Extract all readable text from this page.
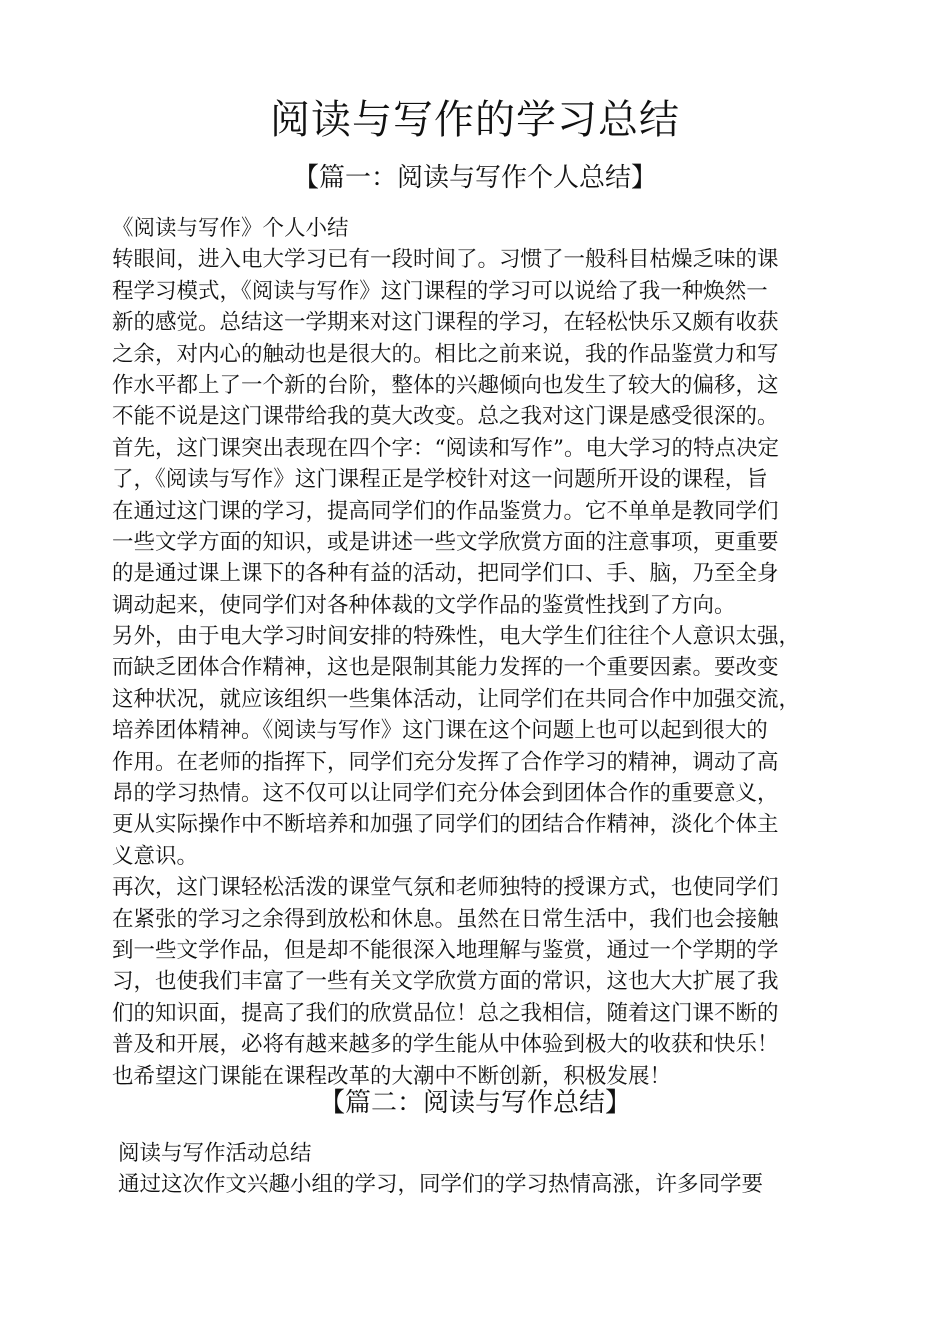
阅读与写作的学习总结
【篇一：阅读与写作个人总结】
《阅读与写作》个人小结
转眼间，进入电大学习已有一段时间了。习惯了一般科目枯燥乏味的课
程学习模式，《阅读与写作》这门课程的学习可以说给了我一种焕然一
新的感觉。总结这一学期来对这门课程的学习，在轻松快乐又颇有收获
之余，对内心的触动也是很大的。相比之前来说，我的作品鉴赏力和写
作水平都上了一个新的台阶，整体的兴趣倾向也发生了较大的偏移，这
不能不说是这门课带给我的莫大改变。总之我对这门课是感受很深的。
首先，这门课突出表现在四个字：“阅读和写作”。电大学习的特点决定
了，《阅读与写作》这门课程正是学校针对这一问题所开设的课程，旨
在通过这门课的学习，提高同学们的作品鉴赏力。它不单单是教同学们
一些文学方面的知识，或是讲述一些文学欣赏方面的注意事项，更重要
的是通过课上课下的各种有益的活动，把同学们口、手、脑，乃至全身
调动起来，使同学们对各种体裁的文学作品的鉴赏性找到了方向。
另外，由于电大学习时间安排的特殊性，电大学生们往往个人意识太强，
而缺乏团体合作精神，这也是限制其能力发挥的一个重要因素。要改变
这种状况，就应该组织一些集体活动，让同学们在共同合作中加强交流，
培养团体精神。《阅读与写作》这门课在这个问题上也可以起到很大的
作用。在老师的指挥下，同学们充分发挥了合作学习的精神，调动了高
昂的学习热情。这不仅可以让同学们充分体会到团体合作的重要意义，
更从实际操作中不断培养和加强了同学们的团结合作精神，淡化个体主
义意识。
再次，这门课轻松活泼的课堂气氛和老师独特的授课方式，也使同学们
在紧张的学习之余得到放松和休息。虽然在日常生活中，我们也会接触
到一些文学作品，但是却不能很深入地理解与鉴赏，通过一个学期的学
习，也使我们丰富了一些有关文学欣赏方面的常识，这也大大扩展了我
们的知识面，提高了我们的欣赏品位！总之我相信，随着这门课不断的
普及和开展，必将有越来越多的学生能从中体验到极大的收获和快乐！
也希望这门课能在课程改革的大潮中不断创新，积极发展！
【篇二：阅读与写作总结】
阅读与写作活动总结
通过这次作文兴趣小组的学习，同学们的学习热情高涨，许多同学要
